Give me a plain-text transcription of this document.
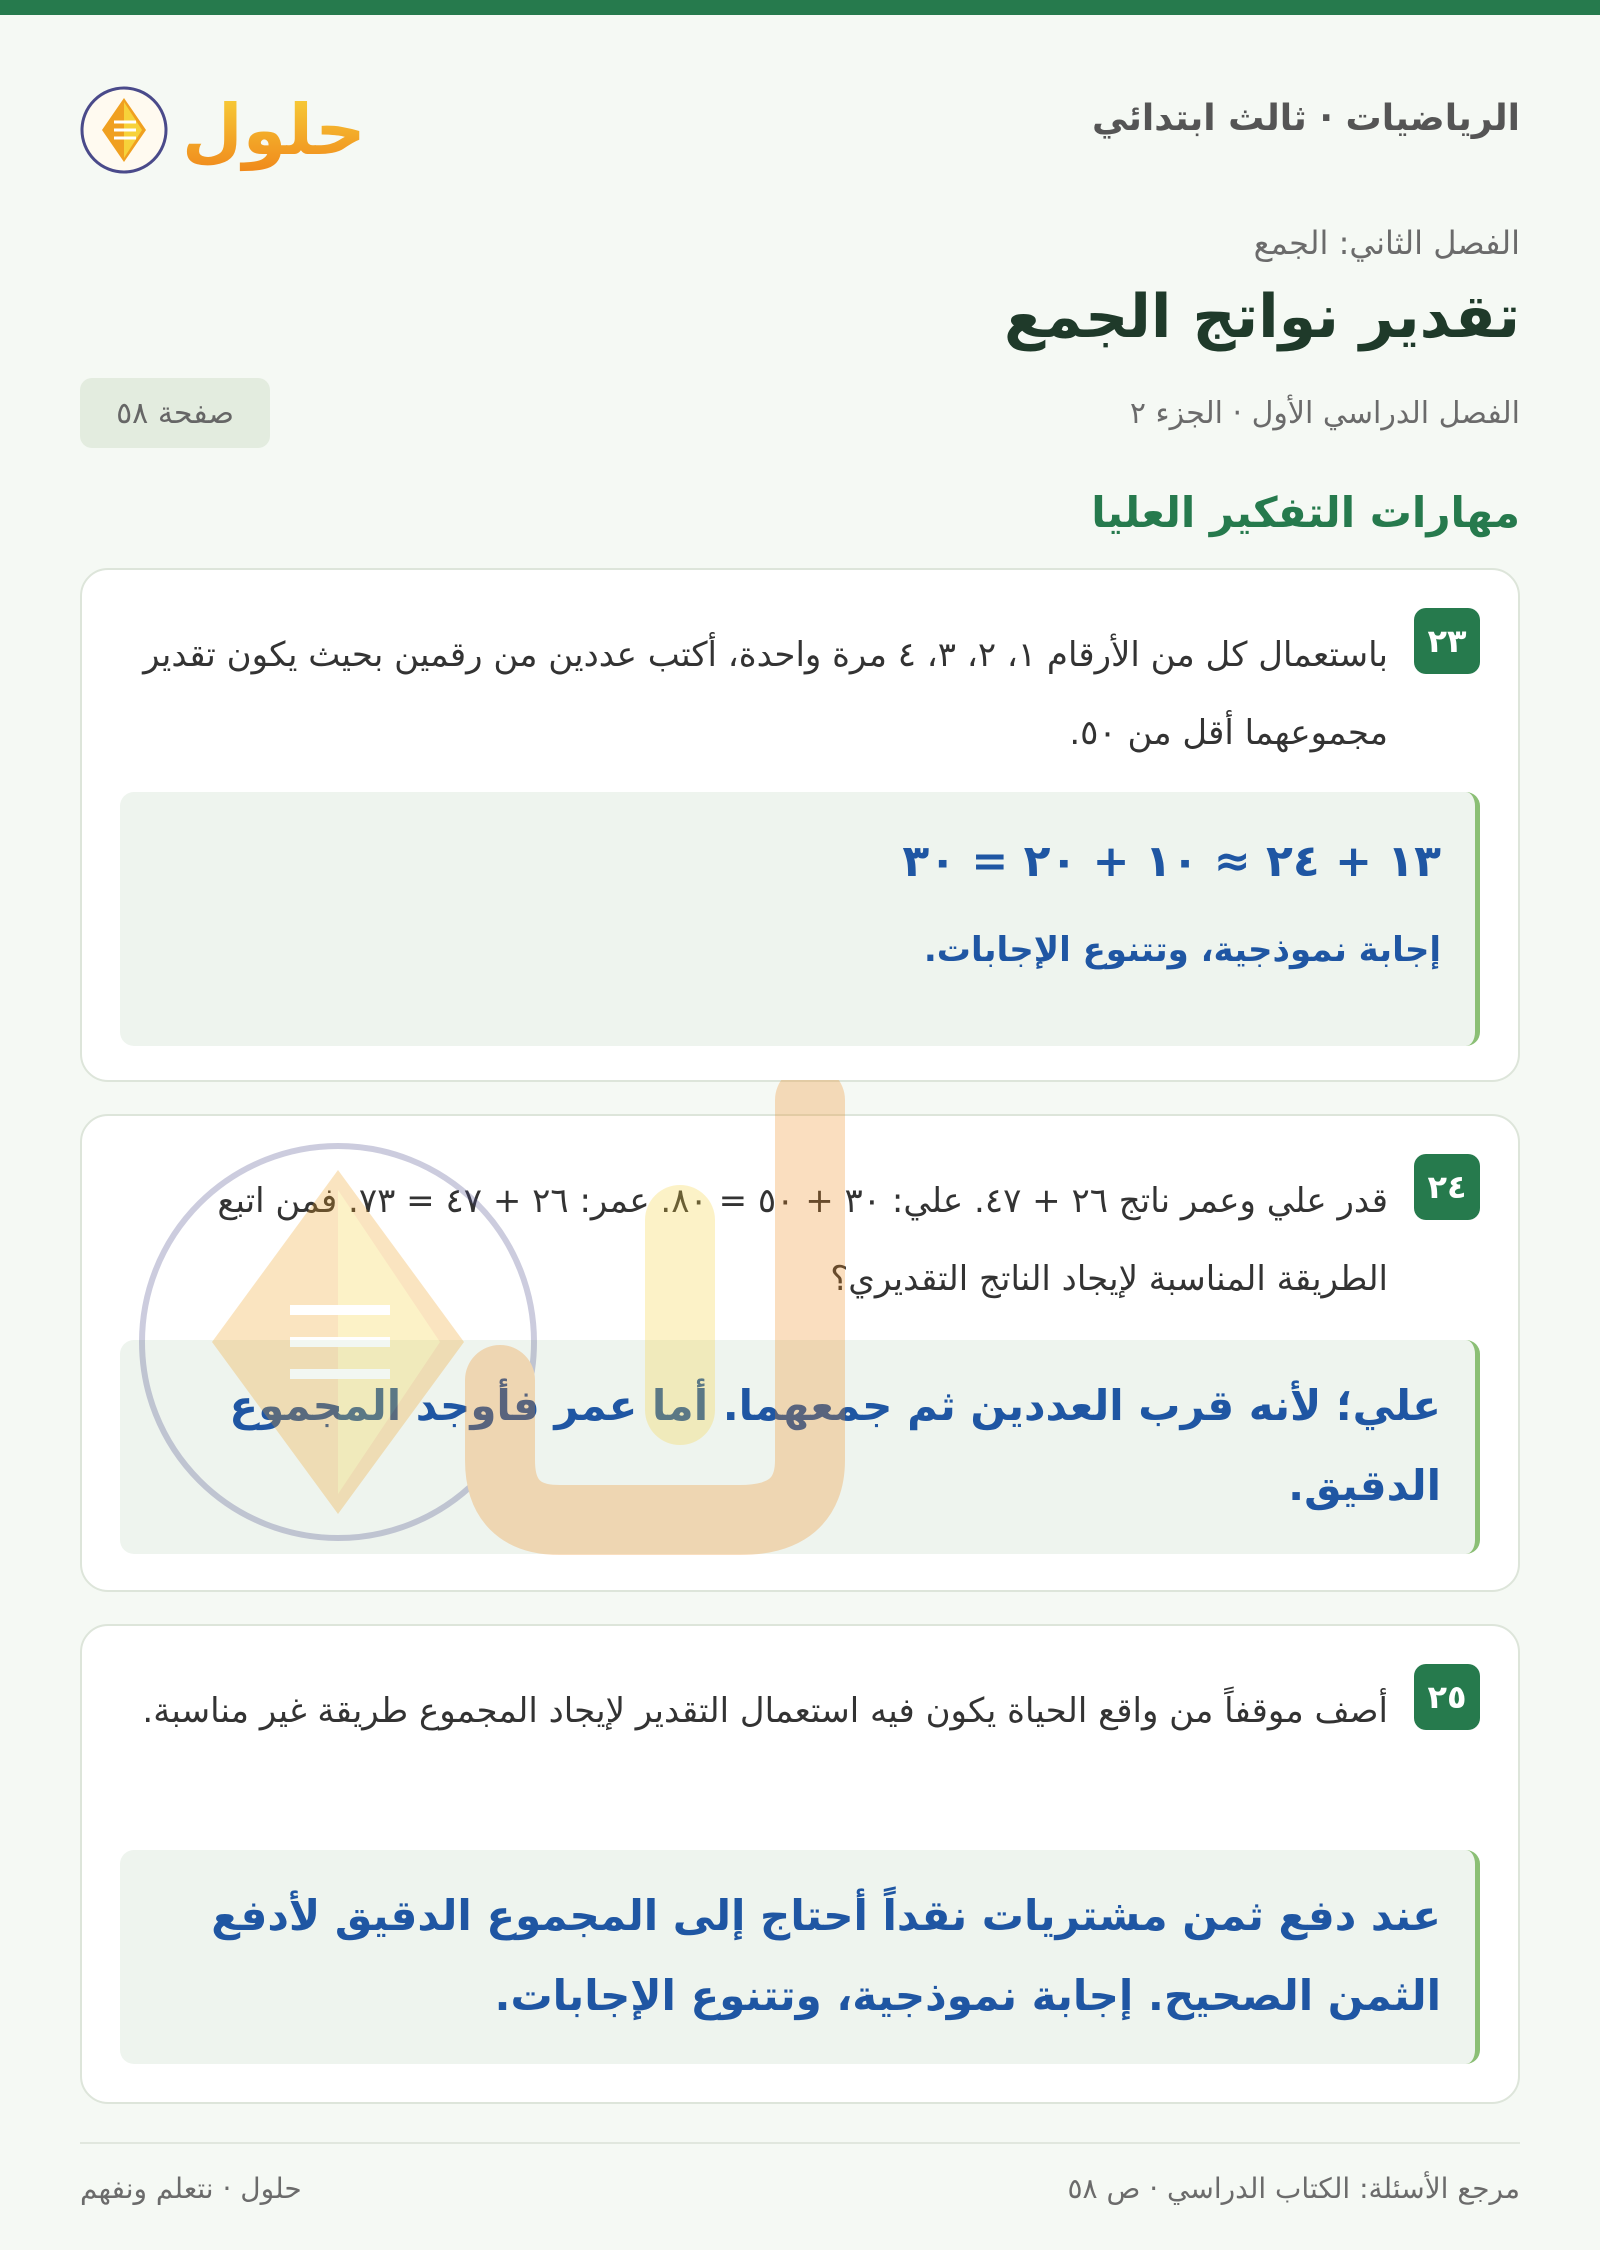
حلول	الرياضيات · ثالث ابتدائي
الفصل الثاني: الجمع
تقدير نواتج الجمع
الفصل الدراسي الأول · الجزء ٢
صفحة ٥٨
مهارات التفكير العليا
٢٣
باستعمال كل من الأرقام ١، ٢، ٣، ٤ مرة واحدة، أكتب عددين من رقمين بحيث يكون تقدير مجموعهما أقل من ٥٠.
١٣ + ٢٤ ≈ ١٠ + ٢٠ = ٣٠
إجابة نموذجية، وتتنوع الإجابات.
٢٤
قدر علي وعمر ناتج ٢٦ + ٤٧. علي: ٣٠ + ٥٠ = ٨٠. عمر: ٢٦ + ٤٧ = ٧٣. فمن اتبع الطريقة المناسبة لإيجاد الناتج التقديري؟
علي؛ لأنه قرب العددين ثم جمعهما. أما عمر فأوجد المجموع الدقيق.
٢٥
أصف موقفاً من واقع الحياة يكون فيه استعمال التقدير لإيجاد المجموع طريقة غير مناسبة.
عند دفع ثمن مشتريات نقداً أحتاج إلى المجموع الدقيق لأدفع الثمن الصحيح. إجابة نموذجية، وتتنوع الإجابات.
مرجع الأسئلة: الكتاب الدراسي · ص ٥٨
حلول · نتعلم ونفهم
